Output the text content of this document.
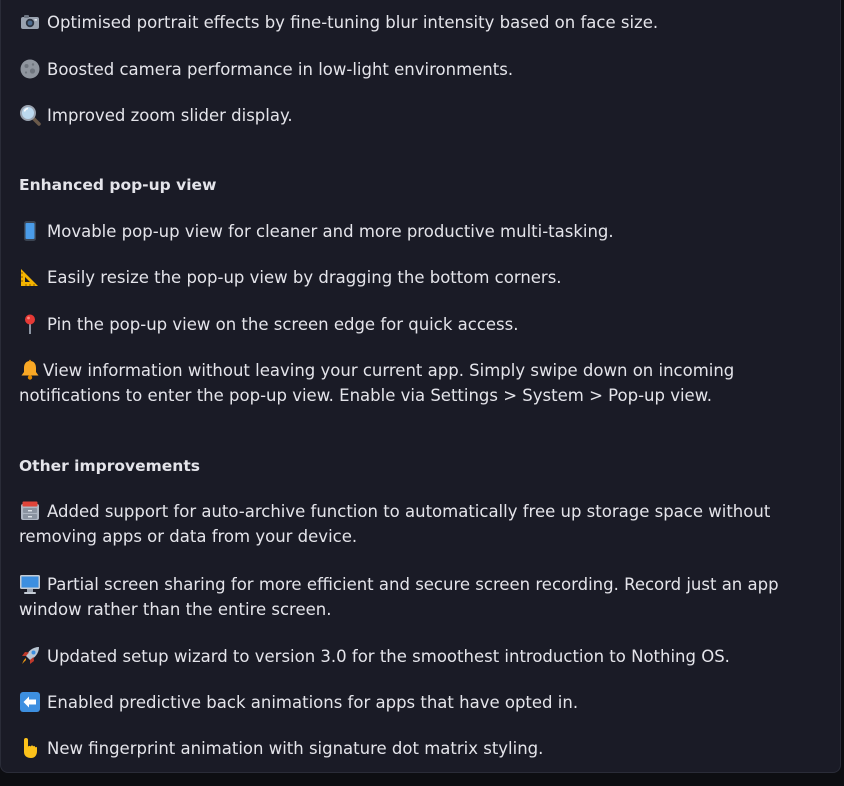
Optimised portrait effects by fine-tuning blur intensity based on face size.
Boosted camera performance in low-light environments.
Improved zoom slider display.
Enhanced pop-up view
Movable pop-up view for cleaner and more productive multi-tasking.
Easily resize the pop-up view by dragging the bottom corners.
Pin the pop-up view on the screen edge for quick access.
View information without leaving your current app. Simply swipe down on incoming notifications to enter the pop-up view. Enable via Settings > System > Pop-up view.
Other improvements
Added support for auto-archive function to automatically free up storage space without removing apps or data from your device.
Partial screen sharing for more efficient and secure screen recording. Record just an app window rather than the entire screen.
Updated setup wizard to version 3.0 for the smoothest introduction to Nothing OS.
Enabled predictive back animations for apps that have opted in.
New fingerprint animation with signature dot matrix styling.
